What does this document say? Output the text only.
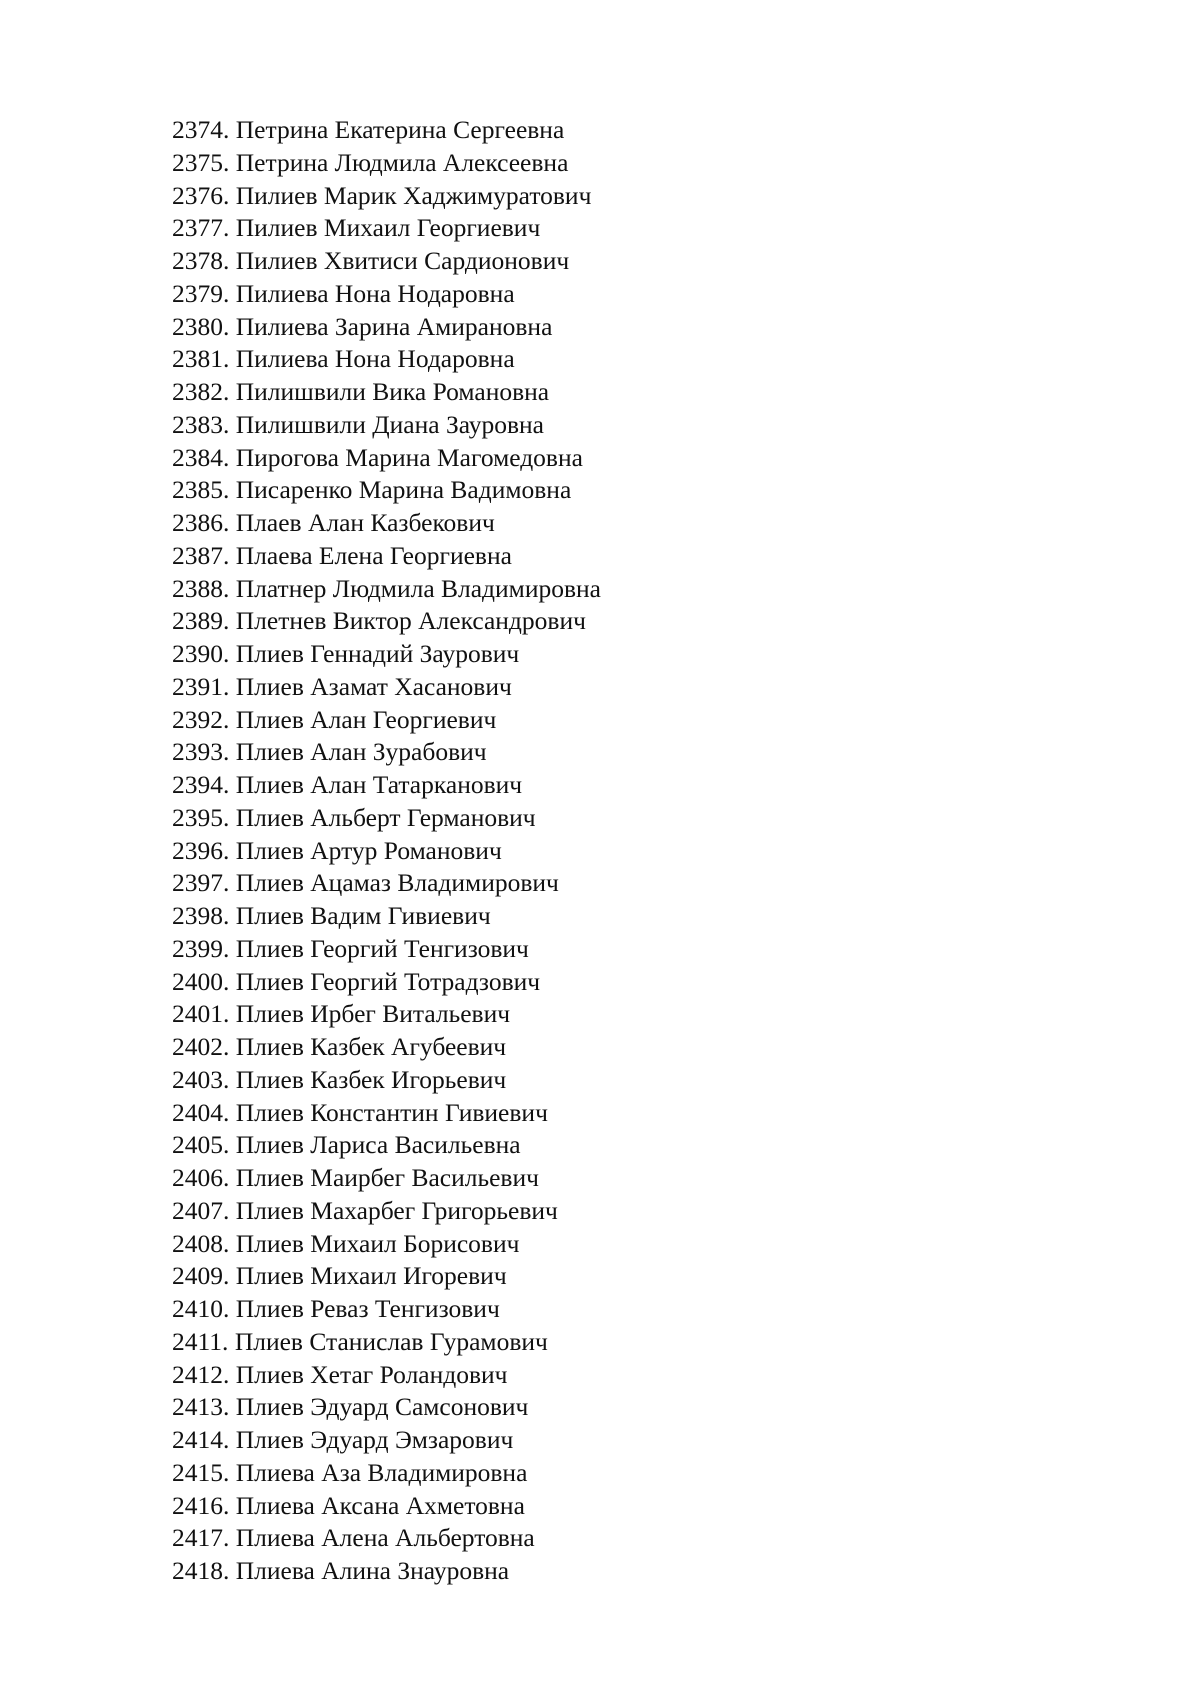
2374. Петрина Екатерина Сергеевна
2375. Петрина Людмила Алексеевна
2376. Пилиев Марик Хаджимуратович
2377. Пилиев Михаил Георгиевич
2378. Пилиев Хвитиси Сардионович
2379. Пилиева Нона Нодаровна
2380. Пилиева Зарина Амирановна
2381. Пилиева Нона Нодаровна
2382. Пилишвили Вика Романовна
2383. Пилишвили Диана Зауровна
2384. Пирогова Марина Магомедовна
2385. Писаренко Марина Вадимовна
2386. Плаев Алан Казбекович
2387. Плаева Елена Георгиевна
2388. Платнер Людмила Владимировна
2389. Плетнев Виктор Александрович
2390. Плиев Геннадий Заурович
2391. Плиев Азамат Хасанович
2392. Плиев Алан Георгиевич
2393. Плиев Алан Зурабович
2394. Плиев Алан Татарканович
2395. Плиев Альберт Германович
2396. Плиев Артур Романович
2397. Плиев Ацамаз Владимирович
2398. Плиев Вадим Гивиевич
2399. Плиев Георгий Тенгизович
2400. Плиев Георгий Тотрадзович
2401. Плиев Ирбег Витальевич
2402. Плиев Казбек Агубеевич
2403. Плиев Казбек Игорьевич
2404. Плиев Константин Гивиевич
2405. Плиев Лариса Васильевна
2406. Плиев Маирбег Васильевич
2407. Плиев Махарбег Григорьевич
2408. Плиев Михаил Борисович
2409. Плиев Михаил Игоревич
2410. Плиев Реваз Тенгизович
2411. Плиев Станислав Гурамович
2412. Плиев Хетаг Роландович
2413. Плиев Эдуард Самсонович
2414. Плиев Эдуард Эмзарович
2415. Плиева Аза Владимировна
2416. Плиева Аксана Ахметовна
2417. Плиева Алена Альбертовна
2418. Плиева Алина Знауровна
